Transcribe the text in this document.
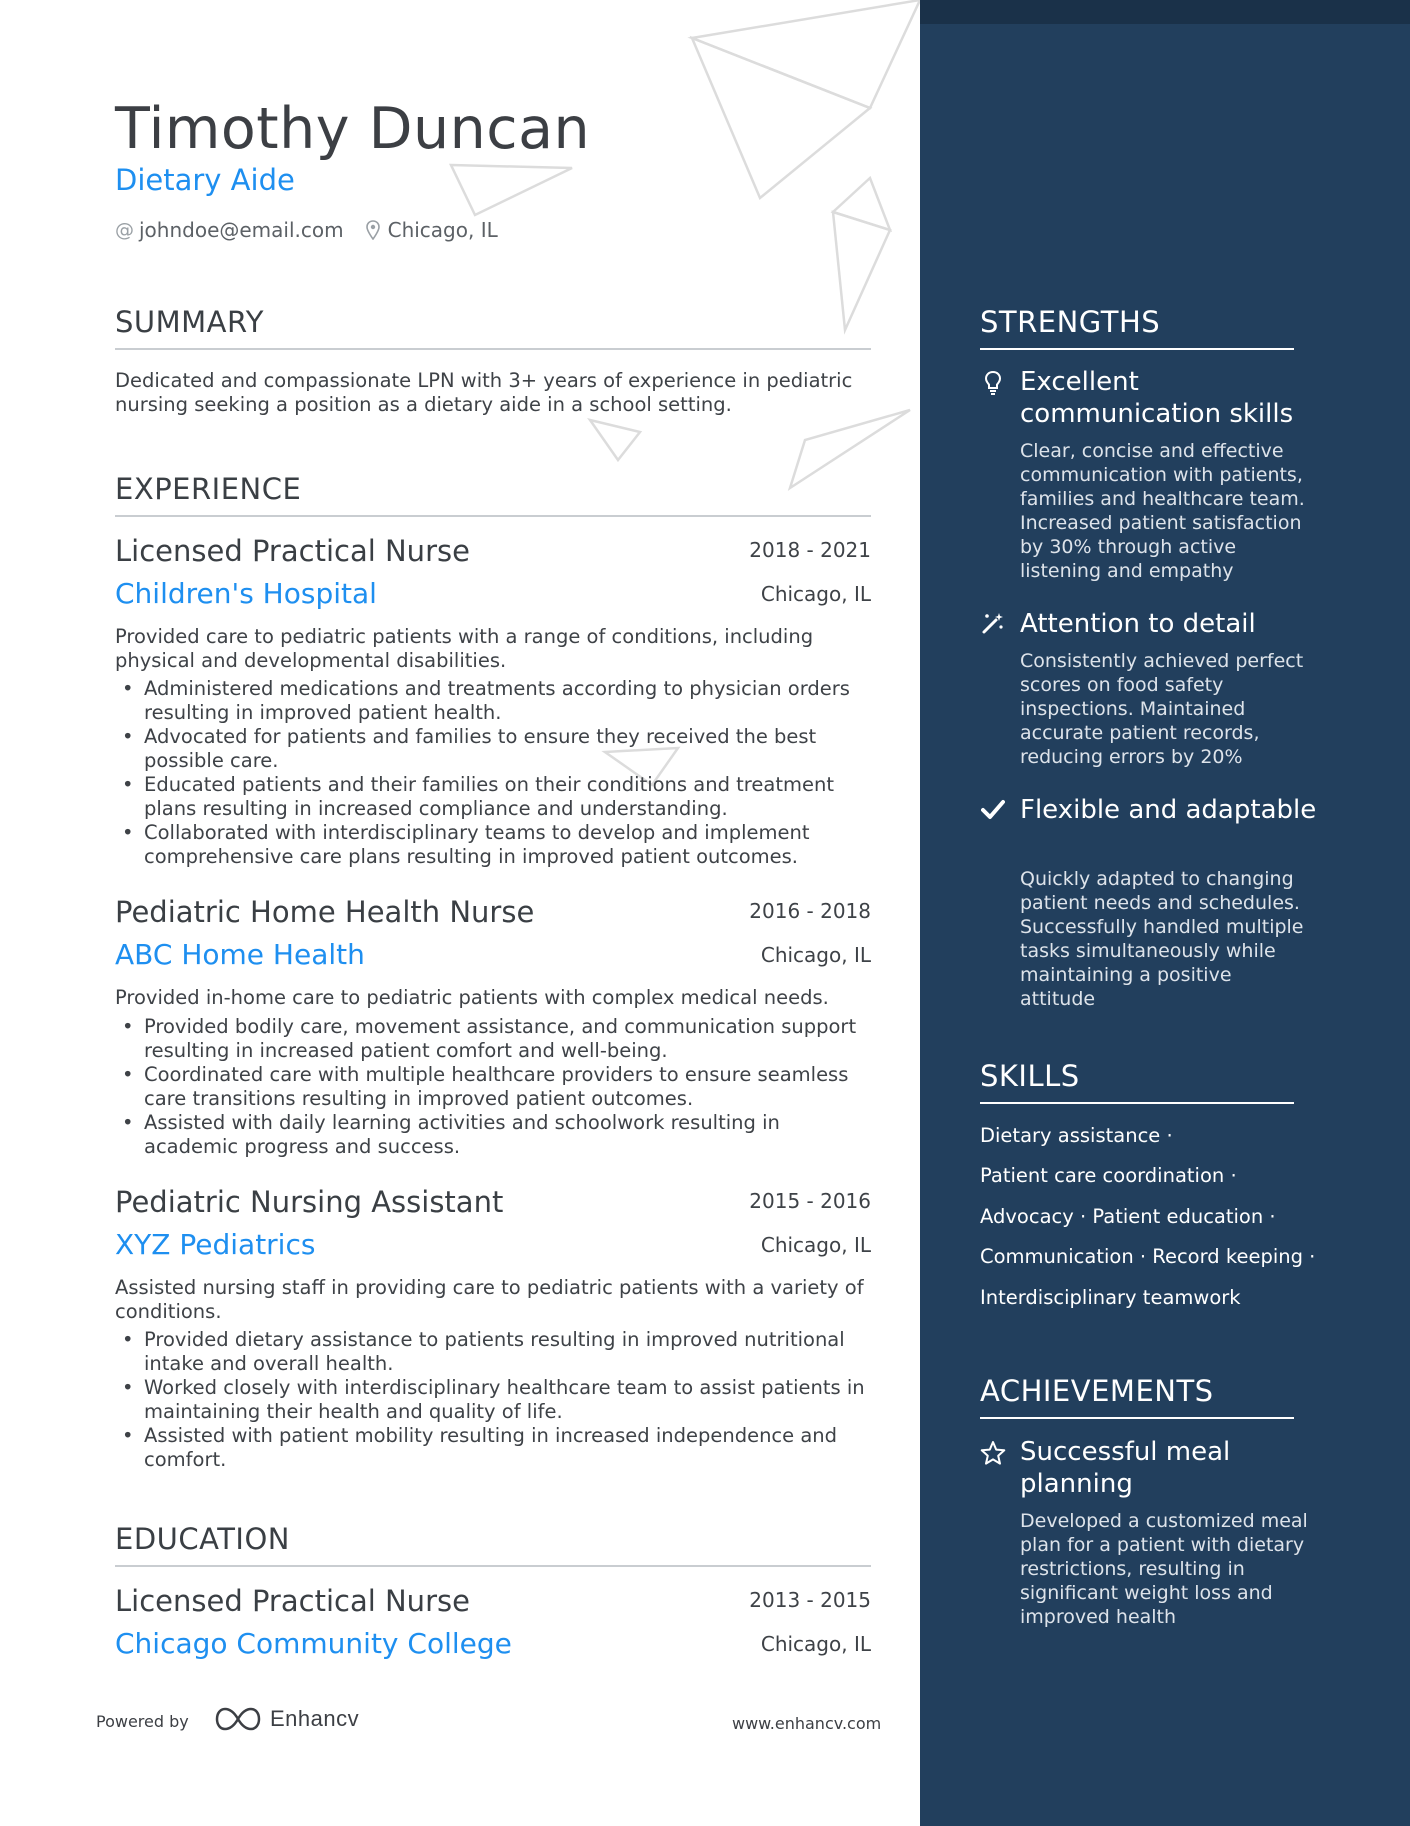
Timothy Duncan
Dietary Aide
@ johndoe@email.com Chicago, IL
SUMMARY
Dedicated and compassionate LPN with 3+ years of experience in pediatric nursing seeking a position as a dietary aide in a school setting.
EXPERIENCE
Licensed Practical Nurse	2018 - 2021
Children's Hospital	Chicago, IL
Provided care to pediatric patients with a range of conditions, including physical and developmental disabilities.
• Administered medications and treatments according to physician orders resulting in improved patient health.
• Advocated for patients and families to ensure they received the best possible care.
• Educated patients and their families on their conditions and treatment plans resulting in increased compliance and understanding.
• Collaborated with interdisciplinary teams to develop and implement comprehensive care plans resulting in improved patient outcomes.
Pediatric Home Health Nurse	2016 - 2018
ABC Home Health	Chicago, IL
Provided in-home care to pediatric patients with complex medical needs.
• Provided bodily care, movement assistance, and communication support resulting in increased patient comfort and well-being.
• Coordinated care with multiple healthcare providers to ensure seamless care transitions resulting in improved patient outcomes.
• Assisted with daily learning activities and schoolwork resulting in academic progress and success.
Pediatric Nursing Assistant	2015 - 2016
XYZ Pediatrics	Chicago, IL
Assisted nursing staff in providing care to pediatric patients with a variety of conditions.
• Provided dietary assistance to patients resulting in improved nutritional intake and overall health.
• Worked closely with interdisciplinary healthcare team to assist patients in maintaining their health and quality of life.
• Assisted with patient mobility resulting in increased independence and comfort.
EDUCATION
Licensed Practical Nurse	2013 - 2015
Chicago Community College	Chicago, IL
STRENGTHS
Excellent communication skills
Clear, concise and effective communication with patients, families and healthcare team. Increased patient satisfaction by 30% through active listening and empathy
Attention to detail
Consistently achieved perfect scores on food safety inspections. Maintained accurate patient records, reducing errors by 20%
Flexible and adaptable
Quickly adapted to changing patient needs and schedules. Successfully handled multiple tasks simultaneously while maintaining a positive attitude
SKILLS
Dietary assistance ·
Patient care coordination ·
Advocacy · Patient education ·
Communication · Record keeping ·
Interdisciplinary teamwork
ACHIEVEMENTS
Successful meal planning
Developed a customized meal plan for a patient with dietary restrictions, resulting in significant weight loss and improved health
Powered by	Enhancv	www.enhancv.com
